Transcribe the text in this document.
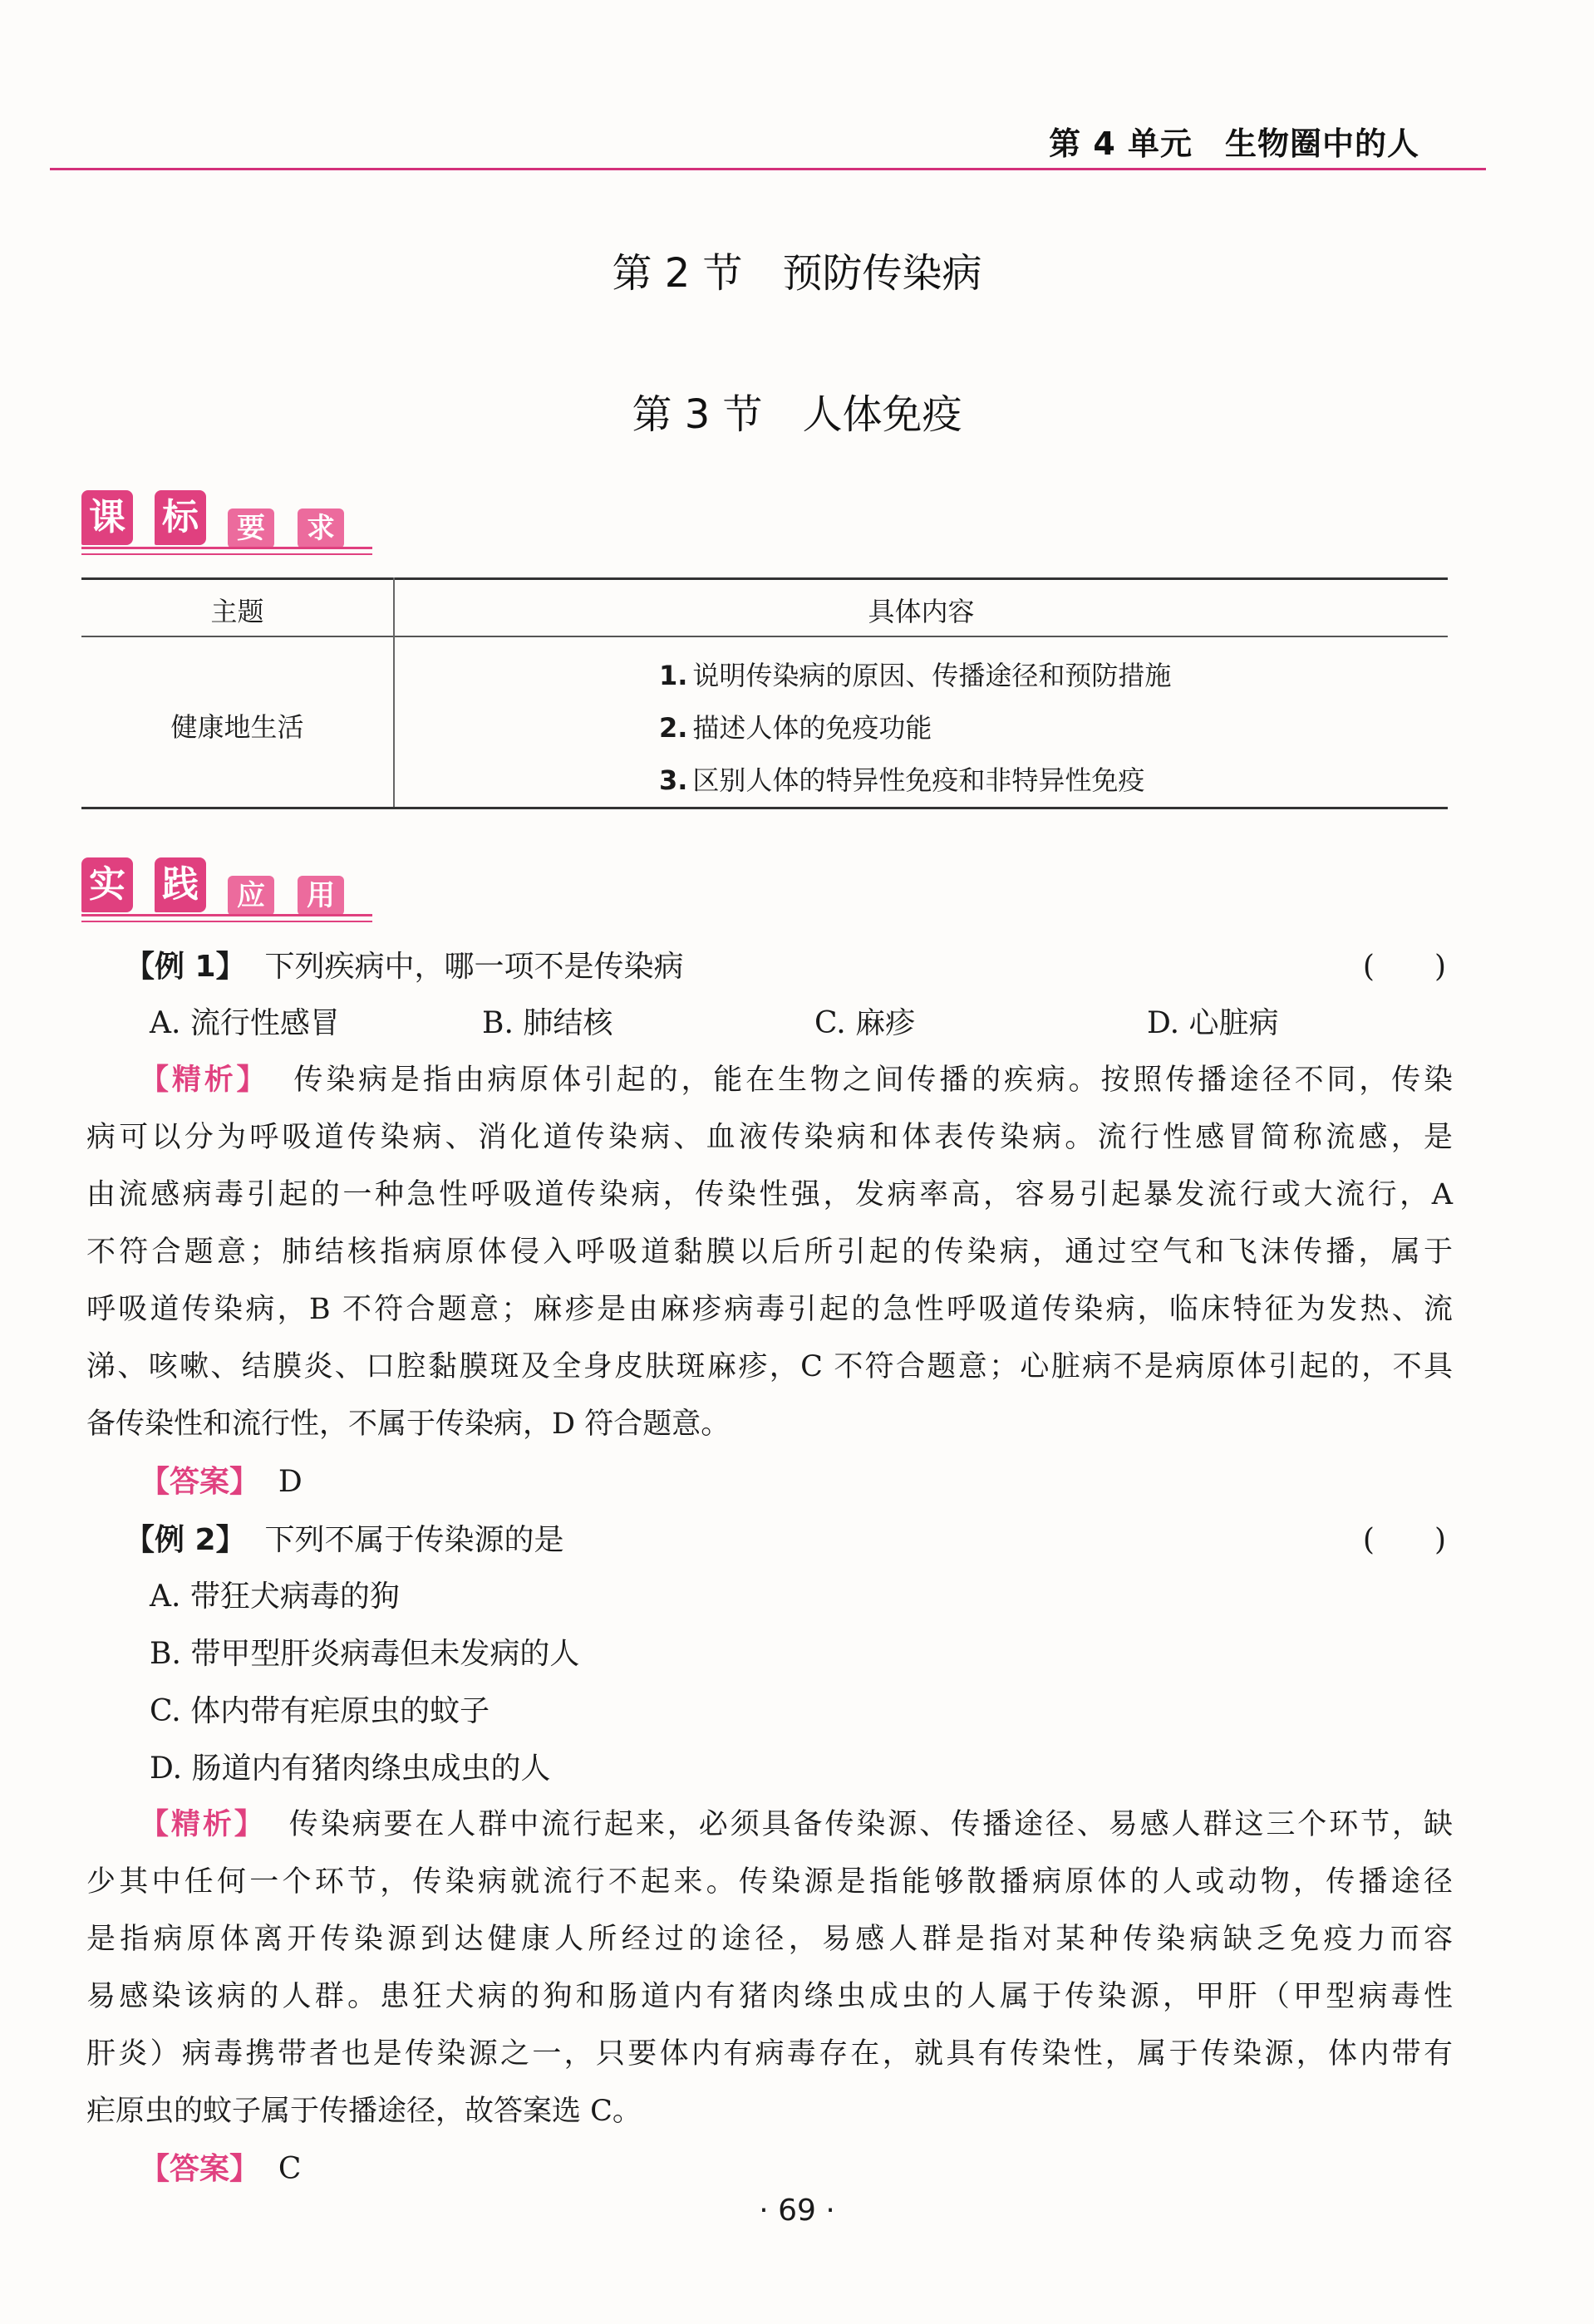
第 4 单元　生物圈中的人
第 2 节 预防传染病
第 3 节 人体免疫
课 标	要	求
主题	具体内容
健康地生活
1. 说明传染病的原因、传播途径和预防措施
2. 描述人体的免疫功能
3. 区别人体的特异性免疫和非特异性免疫
实 践	应	用
【例 1】 下列疾病中，哪一项不是传染病	(　　)
A. 流行性感冒	B. 肺结核	C. 麻疹	D. 心脏病
【精析】 传染病是指由病原体引起的，能在生物之间传播的疾病。按照传播途径不同，传染
病可以分为呼吸道传染病、消化道传染病、血液传染病和体表传染病。流行性感冒简称流感，是
由流感病毒引起的一种急性呼吸道传染病，传染性强，发病率高，容易引起暴发流行或大流行，A
不符合题意；肺结核指病原体侵入呼吸道黏膜以后所引起的传染病，通过空气和飞沫传播，属于
呼吸道传染病，B 不符合题意；麻疹是由麻疹病毒引起的急性呼吸道传染病，临床特征为发热、流
涕、咳嗽、结膜炎、口腔黏膜斑及全身皮肤斑麻疹，C 不符合题意；心脏病不是病原体引起的，不具
备传染性和流行性，不属于传染病，D 符合题意。
【答案】 D
【例 2】 下列不属于传染源的是	(　　)
A. 带狂犬病毒的狗
B. 带甲型肝炎病毒但未发病的人
C. 体内带有疟原虫的蚊子
D. 肠道内有猪肉绦虫成虫的人
【精析】 传染病要在人群中流行起来，必须具备传染源、传播途径、易感人群这三个环节，缺
少其中任何一个环节，传染病就流行不起来。传染源是指能够散播病原体的人或动物，传播途径
是指病原体离开传染源到达健康人所经过的途径，易感人群是指对某种传染病缺乏免疫力而容
易感染该病的人群。患狂犬病的狗和肠道内有猪肉绦虫成虫的人属于传染源，甲肝（甲型病毒性
肝炎）病毒携带者也是传染源之一，只要体内有病毒存在，就具有传染性，属于传染源，体内带有
疟原虫的蚊子属于传播途径，故答案选 C。
【答案】 C
· 69 ·
